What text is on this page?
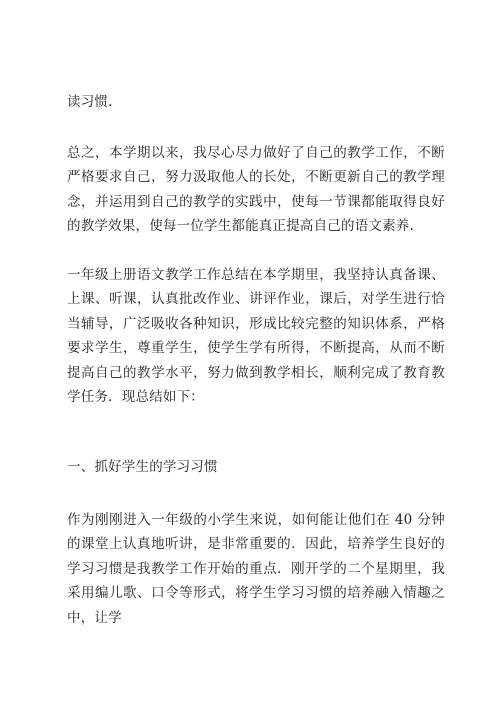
读习惯.

总之，本学期以来，我尽心尽力做好了自己的教学工作，不断严格要求自己，努力汲取他人的长处，不断更新自己的教学理念，并运用到自己的教学的实践中，使每一节课都能取得良好的教学效果，使每一位学生都能真正提高自己的语文素养.

一年级上册语文教学工作总结在本学期里，我坚持认真备课、上课、听课，认真批改作业、讲评作业，课后，对学生进行恰当辅导，广泛吸收各种知识，形成比较完整的知识体系，严格要求学生，尊重学生，使学生学有所得，不断提高，从而不断提高自己的教学水平，努力做到教学相长，顺利完成了教育教学任务．现总结如下：

一、抓好学生的学习习惯

作为刚刚进入一年级的小学生来说，如何能让他们在 40 分钟的课堂上认真地听讲，是非常重要的．因此，培养学生良好的学习习惯是我教学工作开始的重点．刚开学的二个星期里，我采用编儿歌、口令等形式，将学生学习习惯的培养融入情趣之中，让学
